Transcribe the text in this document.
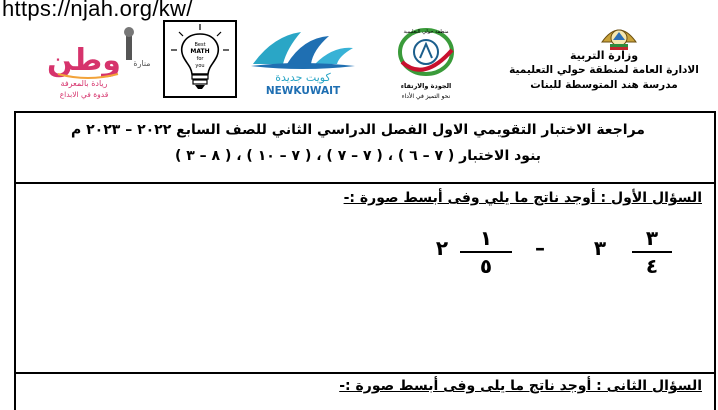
https://njah.org/kw/
وزارة التربية
الادارة العامة لمنطقة حولي التعليمية
مدرسة هند المتوسطة للبنات
منطقة حولي التعليمية
الجودة والارتقاء
نحو التميز في الأداء
كويت جديدة
NEWKUWAIT
Best
MATH
for
you
منارة
وطن
ريادة بالمعرفة
قدوة في الابداع
مراجعة الاختبار التقويمي الاول الفصل الدراسي الثاني للصف السابع ٢٠٢٢ – ٢٠٢٣ م
بنود الاختبار ( ٧ – ٦ ) ، ( ٧ – ٧ ) ، ( ٧ – ١٠ ) ، ( ٨ – ٣ )
السؤال الأول : أوجد ناتج ما يلي وفى أبسط صورة :-
٣
٤
٣
–
١
٥
٢
السؤال الثانى : أوجد ناتج ما يلى وفى أبسط صورة :-
